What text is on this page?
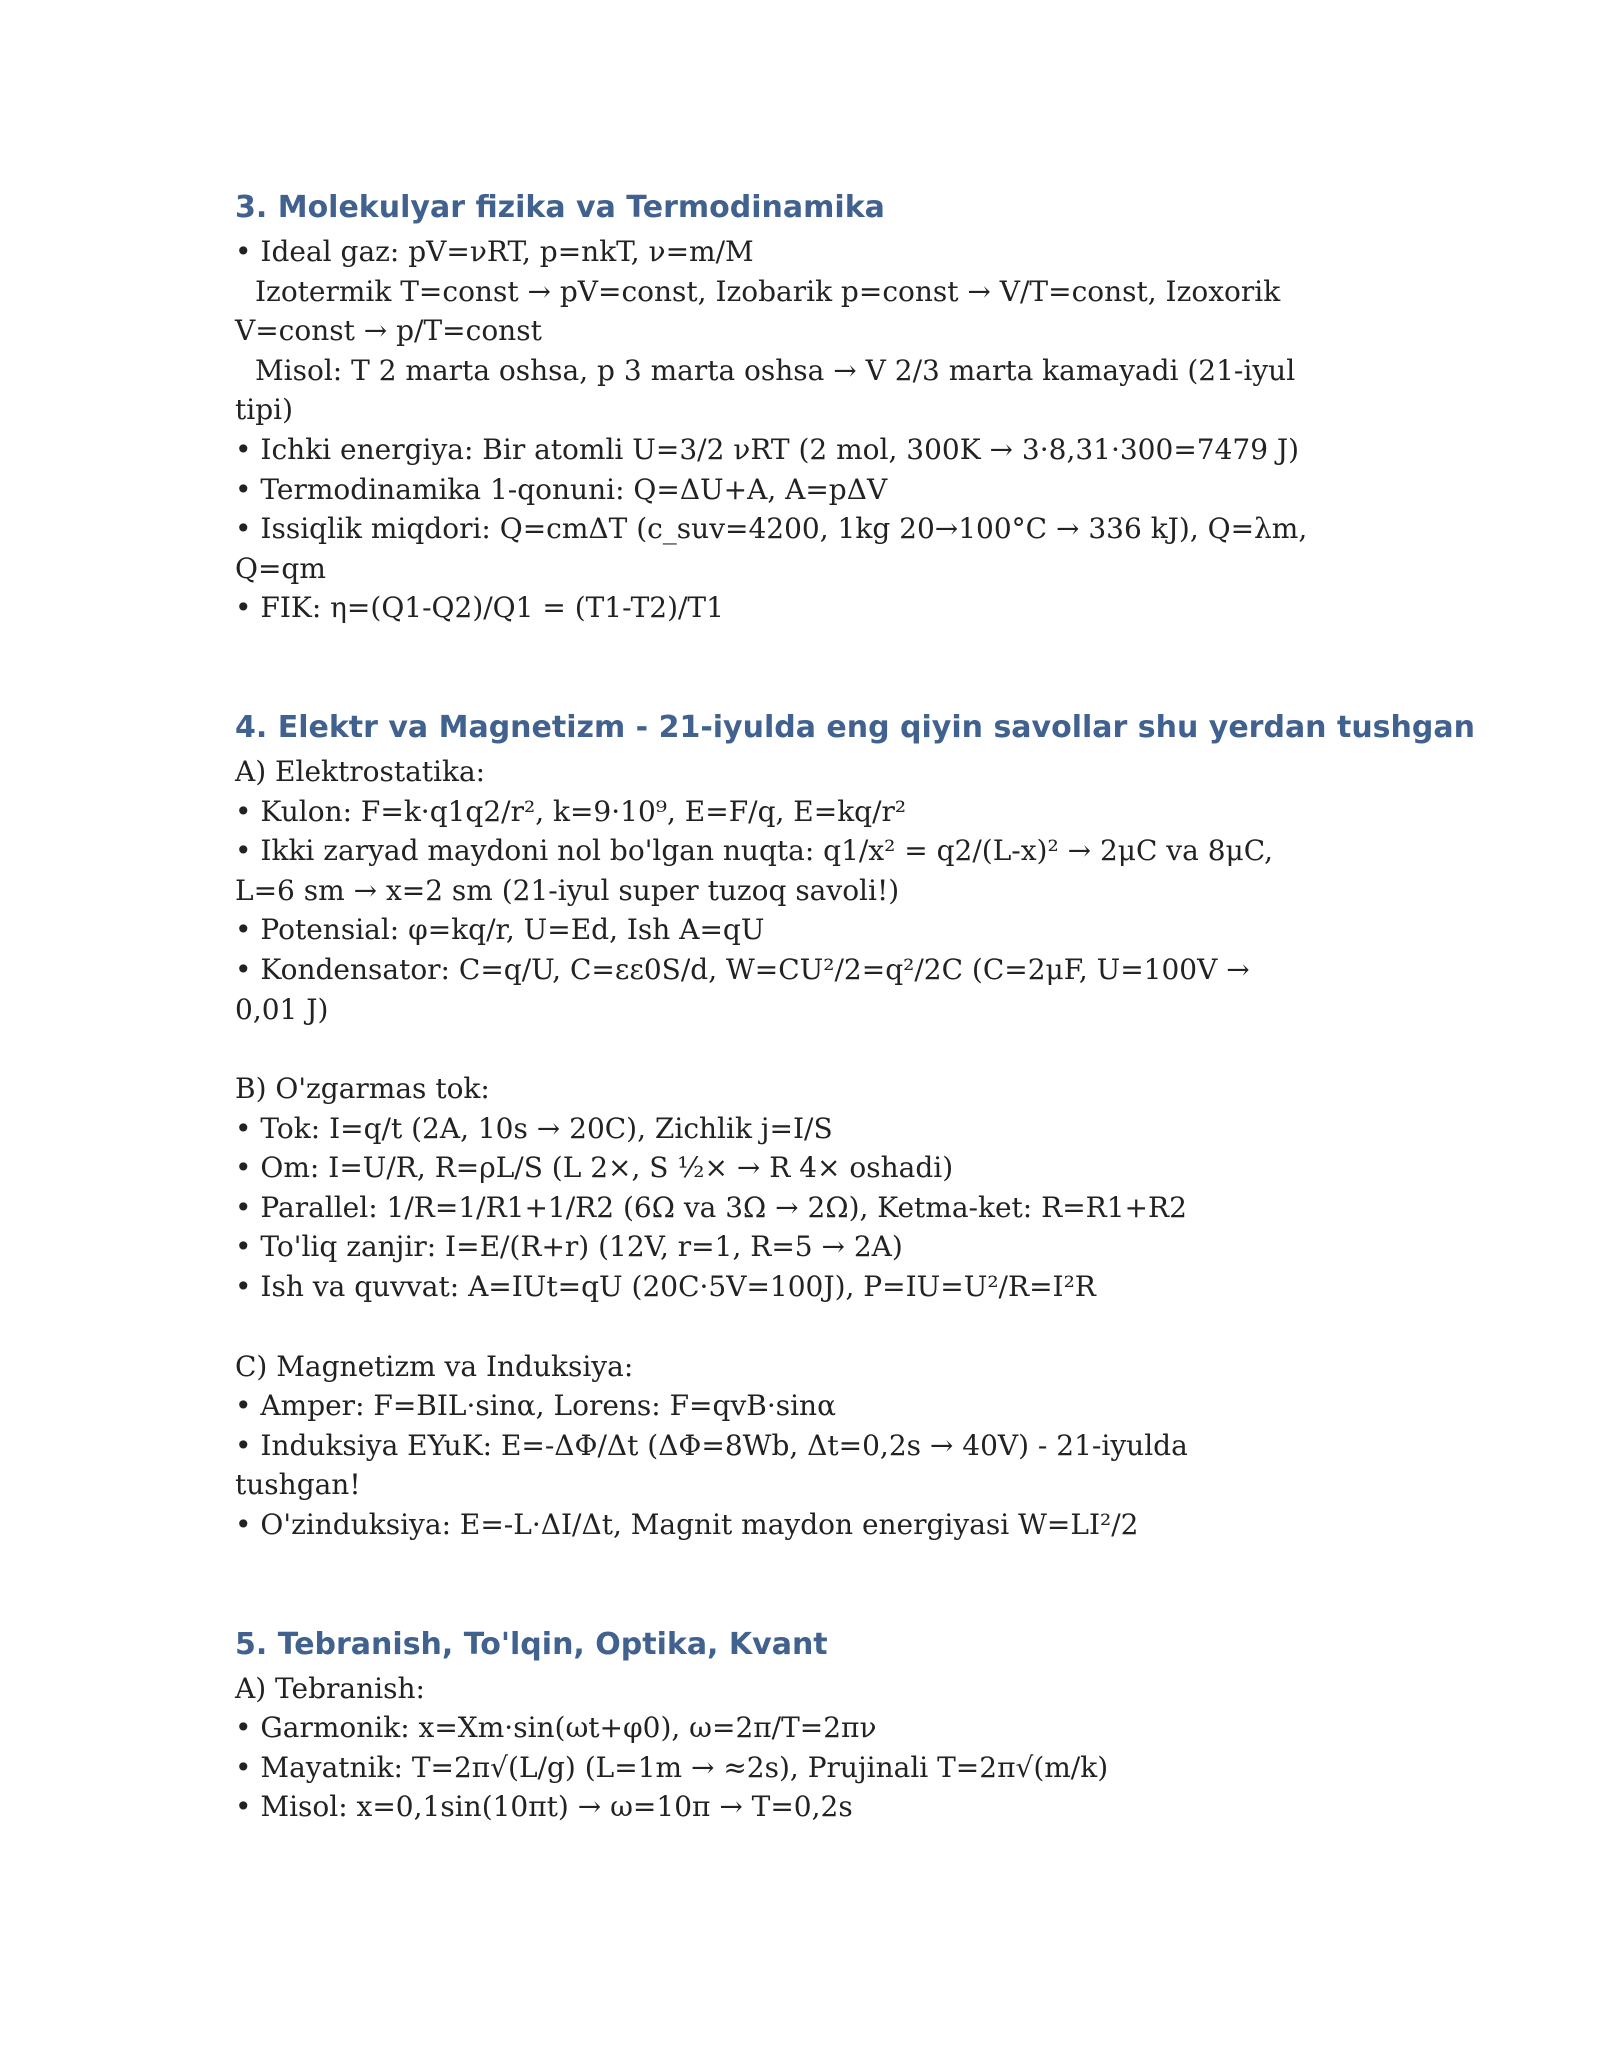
3. Molekulyar fizika va Termodinamika

• Ideal gaz: pV=νRT, p=nkT, ν=m/M

Izotermik T=const → pV=const, Izobarik p=const → V/T=const, Izoxorik

V=const → p/T=const

Misol: T 2 marta oshsa, p 3 marta oshsa → V 2/3 marta kamayadi (21-iyul

tipi)

• Ichki energiya: Bir atomli U=3/2 νRT (2 mol, 300K → 3·8,31·300=7479 J)

• Termodinamika 1-qonuni: Q=ΔU+A, A=pΔV

• Issiqlik miqdori: Q=cmΔT (c_suv=4200, 1kg 20→100°C → 336 kJ), Q=λm,

Q=qm

• FIK: η=(Q1-Q2)/Q1 = (T1-T2)/T1

4. Elektr va Magnetizm - 21-iyulda eng qiyin savollar shu yerdan tushgan

A) Elektrostatika:

• Kulon: F=k·q1q2/r², k=9·10⁹, E=F/q, E=kq/r²

• Ikki zaryad maydoni nol bo'lgan nuqta: q1/x² = q2/(L-x)² → 2μC va 8μC,

L=6 sm → x=2 sm (21-iyul super tuzoq savoli!)

• Potensial: φ=kq/r, U=Ed, Ish A=qU

• Kondensator: C=q/U, C=εε0S/d, W=CU²/2=q²/2C (C=2μF, U=100V →

0,01 J)

B) O'zgarmas tok:

• Tok: I=q/t (2A, 10s → 20C), Zichlik j=I/S

• Om: I=U/R, R=ρL/S (L 2×, S ½× → R 4× oshadi)

• Parallel: 1/R=1/R1+1/R2 (6Ω va 3Ω → 2Ω), Ketma-ket: R=R1+R2

• To'liq zanjir: I=E/(R+r) (12V, r=1, R=5 → 2A)

• Ish va quvvat: A=IUt=qU (20C·5V=100J), P=IU=U²/R=I²R

C) Magnetizm va Induksiya:

• Amper: F=BIL·sinα, Lorens: F=qvB·sinα

• Induksiya EYuK: E=-ΔΦ/Δt (ΔΦ=8Wb, Δt=0,2s → 40V) - 21-iyulda

tushgan!

• O'zinduksiya: E=-L·ΔI/Δt, Magnit maydon energiyasi W=LI²/2

5. Tebranish, To'lqin, Optika, Kvant

A) Tebranish:

• Garmonik: x=Xm·sin(ωt+φ0), ω=2π/T=2πν

• Mayatnik: T=2π√(L/g) (L=1m → ≈2s), Prujinali T=2π√(m/k)

• Misol: x=0,1sin(10πt) → ω=10π → T=0,2s
